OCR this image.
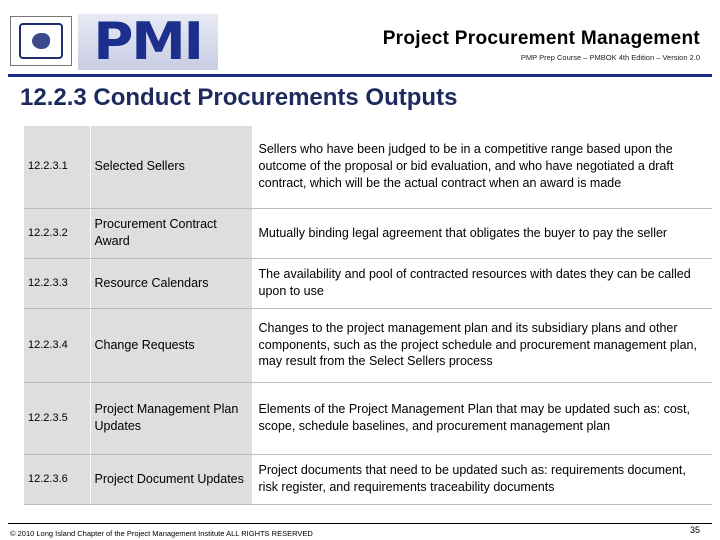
PMI	Project Procurement Management
PMP Prep Course – PMBOK 4th Edition – Version 2.0
12.2.3 Conduct Procurements Outputs
12.2.3.1	Selected Sellers	Sellers who have been judged to be in a competitive range based upon the outcome of the proposal or bid evaluation, and who have negotiated a draft contract, which will be the actual contract when an award is made
12.2.3.2	Procurement Contract Award	Mutually binding legal agreement that obligates the buyer to pay the seller
12.2.3.3	Resource Calendars	The availability and pool of contracted resources with dates they can be called upon to use
12.2.3.4	Change Requests	Changes to the project management plan and its subsidiary plans and other components, such as the project schedule and procurement management plan, may result from the Select Sellers process
12.2.3.5	Project Management Plan Updates	Elements of the Project Management Plan that may be updated such as: cost, scope, schedule baselines, and procurement management plan
12.2.3.6	Project Document Updates	Project documents that need to be updated such as: requirements document, risk register, and requirements traceability documents
© 2010 Long Island Chapter of the Project Management Institute ALL RIGHTS RESERVED	35
